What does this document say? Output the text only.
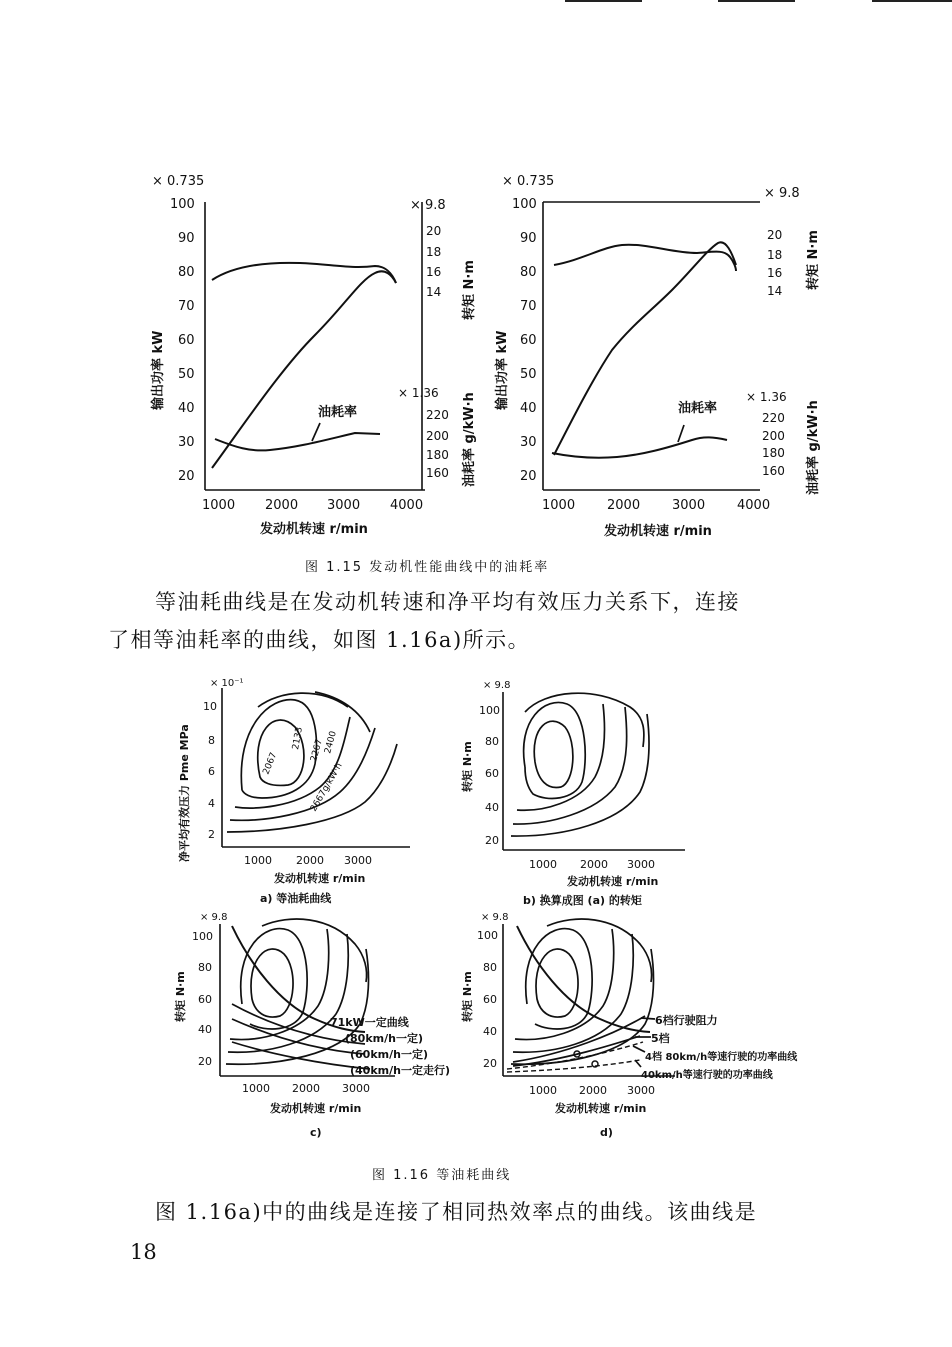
× 0.735
× 9.8
100
90
80
70
60
50
40
30
20
20
18
16
14
× 1.36
220
200
180
160
1000 2000 3000 4000
发动机转速 r/min
输出功率 kW
转矩 N·m
油耗率 g/kW·h
油耗率
× 0.735
× 9.8
100
90
80
70
60
50
40
30
20
20
18
16
14
× 1.36
220
200
180
160
1000 2000 3000 4000
发动机转速 r/min
输出功率 kW
转矩 N·m
油耗率 g/kW·h
油耗率
图 1.15 发动机性能曲线中的油耗率
等油耗曲线是在发动机转速和净平均有效压力关系下，连接
了相等油耗率的曲线，如图 1.16a)所示。
× 10⁻¹
10
8
6
4
2
1000 2000 3000
发动机转速 r/min
净平均有效压力 Pme MPa
a) 等油耗曲线
2067
2133 2267
2400
2667g/kW·h
× 9.8
100
80
60
40
20
1000 2000 3000
发动机转速 r/min
转矩 N·m
b) 换算成图 (a) 的转矩
× 9.8
100
80
60
40
20
1000 2000 3000
发动机转速 r/min
转矩 N·m
c)
71kW一定曲线
(80km/h一定)
(60km/h一定)
(40km/h一定走行)
× 9.8
100
80
60
40
20
1000 2000 3000
发动机转速 r/min
转矩 N·m
d)
6档行驶阻力
5档
4档 80km/h等速行驶的功率曲线
40km/h等速行驶的功率曲线
图 1.16 等油耗曲线
图 1.16a)中的曲线是连接了相同热效率点的曲线。该曲线是
18
